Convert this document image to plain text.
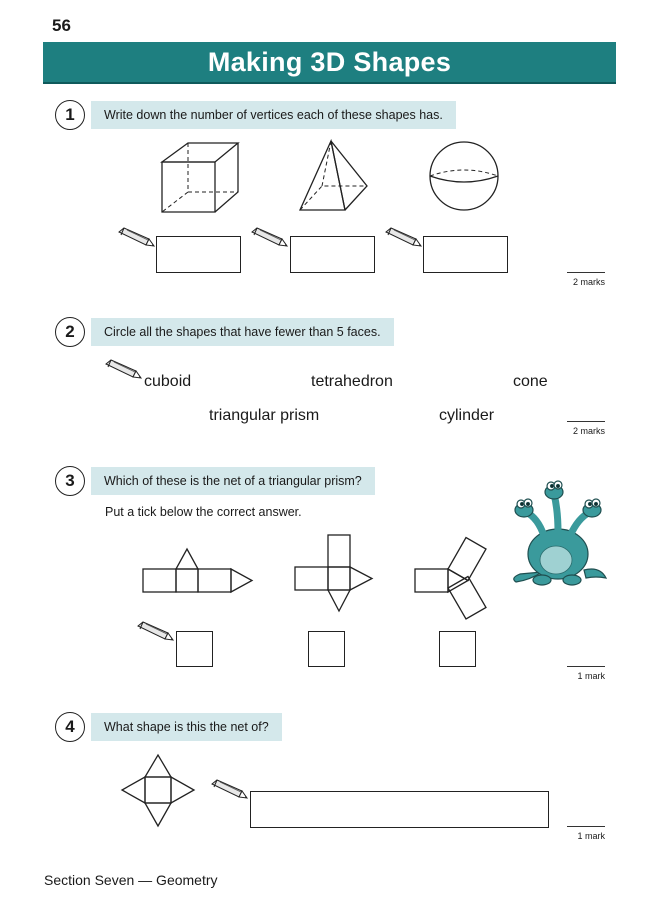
56
Making 3D Shapes
1	Write down the number of vertices each of these shapes has.
2 marks
2	Circle all the shapes that have fewer than 5 faces.
cuboid	tetrahedron	cone
triangular prism	cylinder
2 marks
3	Which of these is the net of a triangular prism?
Put a tick below the correct answer.
1 mark
4	What shape is this the net of?
1 mark
Section Seven — Geometry
